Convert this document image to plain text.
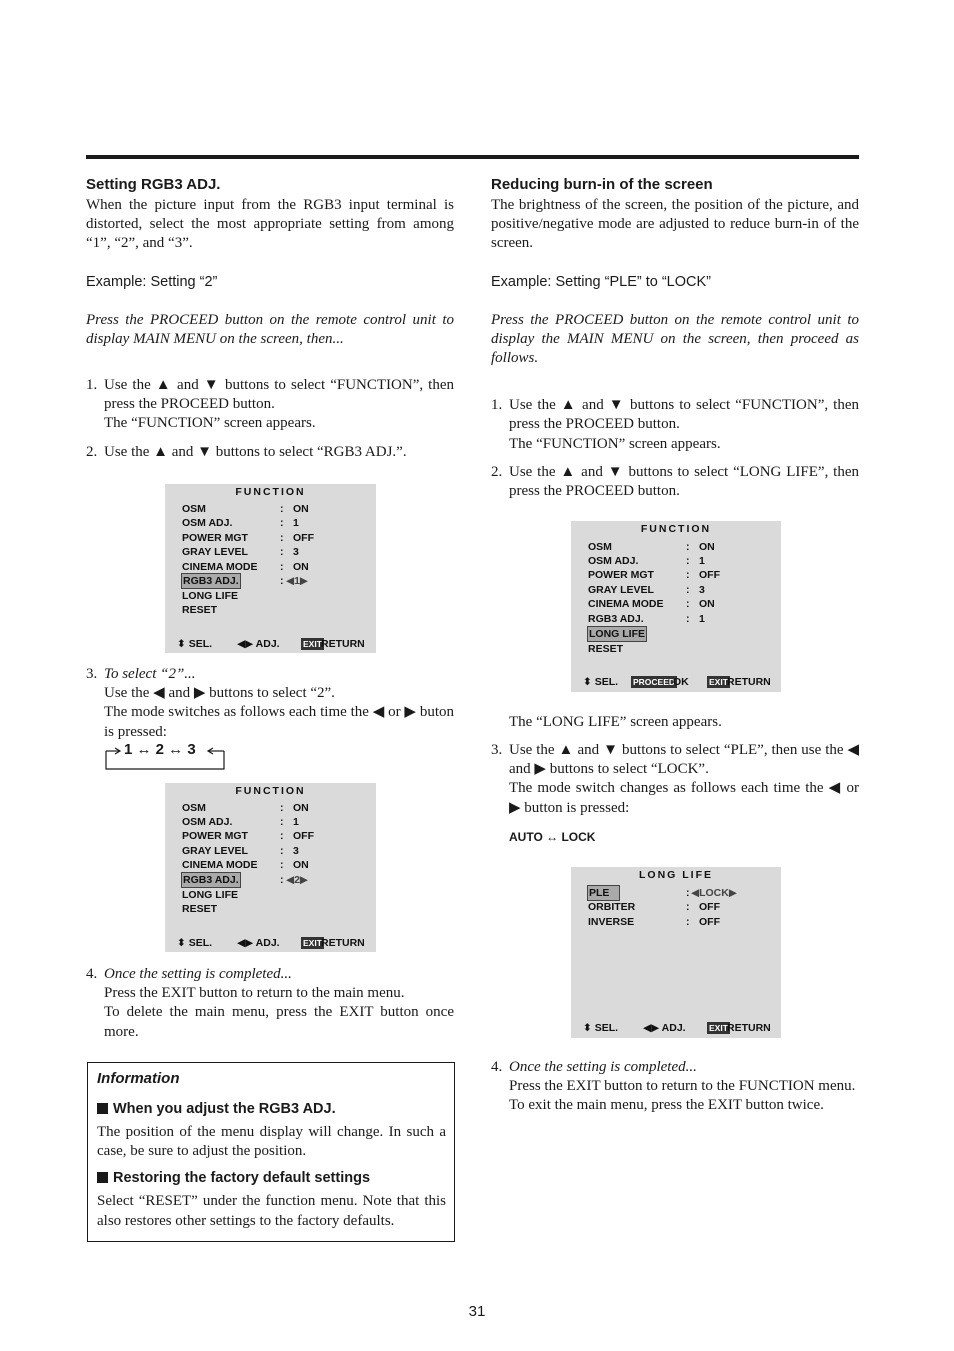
Setting RGB3 ADJ.
When the picture input from the RGB3 input terminal is distorted, select the most appropriate setting from among “1”, “2”, and “3”.
Example: Setting “2”
Press the PROCEED button on the remote control unit to display MAIN MENU on the screen, then...
1. Use the ▲ and ▼ buttons to select “FUNCTION”, then press the PROCEED button.
The “FUNCTION” screen appears.
2. Use the ▲ and ▼ buttons to select “RGB3 ADJ.”.
FUNCTION
OSM	: ON
OSM ADJ.	: 1
POWER MGT	: OFF
GRAY LEVEL	: 3
CINEMA MODE : ON
RGB3 ADJ.	: ◀1▶
LONG LIFE
RESET
⬍ SEL. ◀▶ ADJ.	EXIT RETURN
3. To select “2”...
Use the ◀ and ▶ buttons to select “2”.
The mode switches as follows each time the ◀ or ▶ buton is pressed:
1 ↔ 2 ↔ 3
FUNCTION
OSM	: ON
OSM ADJ.	: 1
POWER MGT	: OFF
GRAY LEVEL	: 3
CINEMA MODE : ON
RGB3 ADJ.	: ◀2▶
LONG LIFE
RESET
⬍ SEL. ◀▶ ADJ.	EXIT RETURN
4. Once the setting is completed...
Press the EXIT button to return to the main menu.
To delete the main menu, press the EXIT button once more.
Information
When you adjust the RGB3 ADJ.
The position of the menu display will change. In such a case, be sure to adjust the position.
Restoring the factory default settings
Select “RESET” under the function menu. Note that this also restores other settings to the factory defaults.
Reducing burn-in of the screen
The brightness of the screen, the position of the picture, and positive/negative mode are adjusted to reduce burn-in of the screen.
Example: Setting “PLE” to “LOCK”
Press the PROCEED button on the remote control unit to display the MAIN MENU on the screen, then proceed as follows.
1. Use the ▲ and ▼ buttons to select “FUNCTION”, then press the PROCEED button.
The “FUNCTION” screen appears.
2. Use the ▲ and ▼ buttons to select “LONG LIFE”, then press the PROCEED button.
FUNCTION
OSM	: ON
OSM ADJ.	: 1
POWER MGT	: OFF
GRAY LEVEL	: 3
CINEMA MODE : ON
RGB3 ADJ.	: 1
LONG LIFE
RESET
⬍ SEL. PROCEED
OK EXIT RETURN
The “LONG LIFE” screen appears.
3. Use the ▲ and ▼ buttons to select “PLE”, then use the ◀ and ▶ buttons to select “LOCK”.
The mode switch changes as follows each time the ◀ or ▶ button is pressed:
AUTO ↔ LOCK
LONG LIFE
PLE	: ◀LOCK▶
ORBITER	: OFF
INVERSE	: OFF
⬍ SEL. ◀▶ ADJ.	EXIT RETURN
4. Once the setting is completed...
Press the EXIT button to return to the FUNCTION menu.
To exit the main menu, press the EXIT button twice.
31
